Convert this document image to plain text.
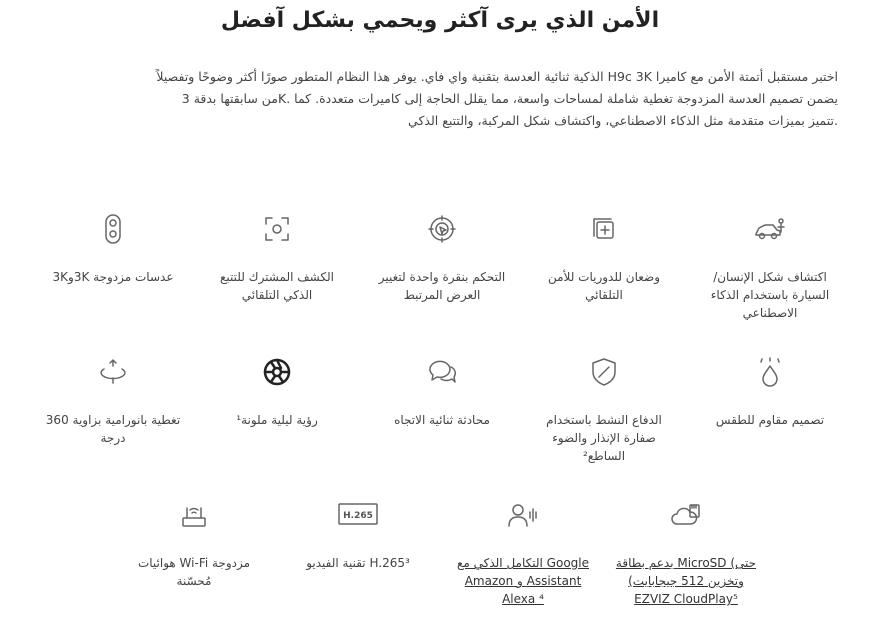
الأمن الذي يرى آكثر ويحمي بشكل آفضل

اختبر مستقبل أتمتة الأمن مع كاميرا H9c 3K الذكية ثنائية العدسة بتقنية واي فاي. يوفر هذا النظام المتطور صورًا أكثر وضوحًا وتفصيلاً

يضمن تصميم العدسة المزدوجة تغطية شاملة لمساحات واسعة، مما يقلل الحاجة إلى كاميرات متعددة. كما .Kمن سابقتها بدقة 3

.تتميز بميزات متقدمة مثل الذكاء الاصطناعي، واكتشاف شكل المركبة، والتتبع الذكي

اكتشاف شكل الإنسان/ السيارة باستخدام الذكاء الاصطناعي
وضعان للدوريات للأمن التلقائي
التحكم بنقرة واحدة لتغيير العرض المرتبط
الكشف المشترك للتتبع الذكي التلقائي
عدسات مزدوجة 3Kو3K
تصميم مقاوم للطقس
الدفاع النشط باستخدام صفارة الإنذار والضوء الساطع²
محادثة ثنائية الاتجاه
رؤية ليلية ملونة¹
تغطية بانورامية بزاوية 360 درجة
حتى) MicroSD بدعم بطاقة وتخزين 512 جيجابايت) EZVIZ CloudPlay⁵
Google التكامل الذكي مع Assistant و Amazon Alexa ⁴
H.265
H.265³ تقنية الفيديو
مزدوجة Wi-Fi هوائيات مُحسّنة
